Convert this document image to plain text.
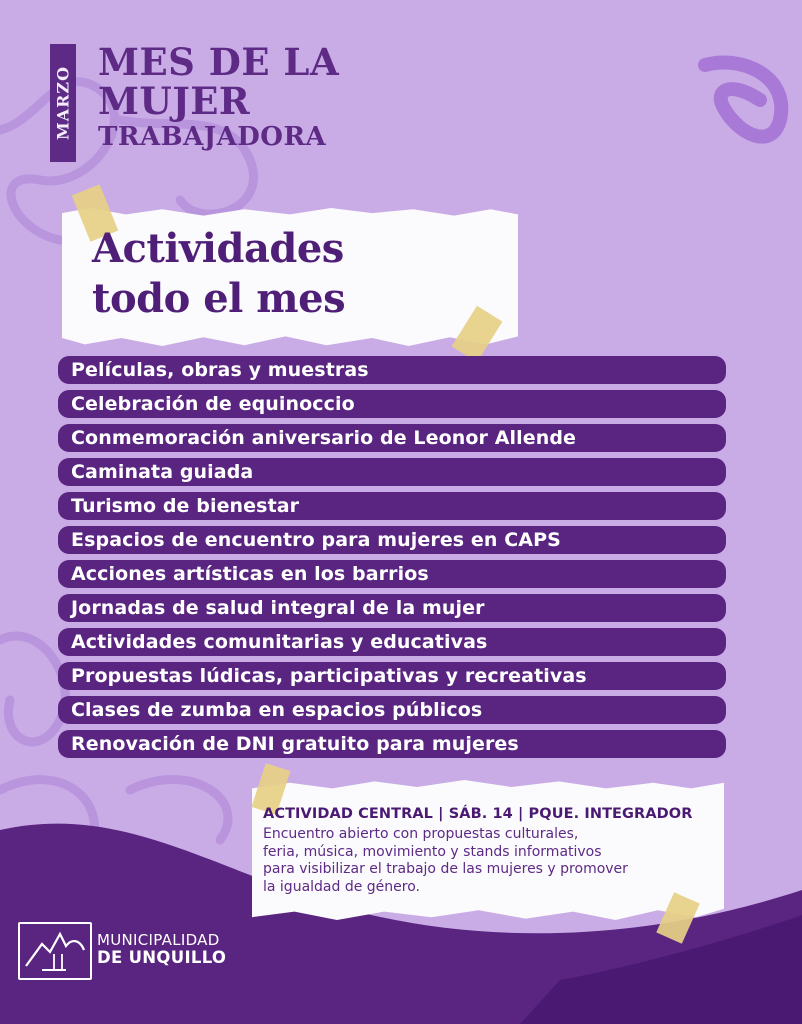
MARZO
MES DE LA
MUJER
TRABAJADORA
Actividades
todo el mes
Películas, obras y muestras
Celebración de equinoccio
Conmemoración aniversario de Leonor Allende
Caminata guiada
Turismo de bienestar
Espacios de encuentro para mujeres en CAPS
Acciones artísticas en los barrios
Jornadas de salud integral de la mujer
Actividades comunitarias y educativas
Propuestas lúdicas, participativas y recreativas
Clases de zumba en espacios públicos
Renovación de DNI gratuito para mujeres
ACTIVIDAD CENTRAL | SÁB. 14 | PQUE. INTEGRADOR
Encuentro abierto con propuestas culturales,
feria, música, movimiento y stands informativos
para visibilizar el trabajo de las mujeres y promover
la igualdad de género.
MUNICIPALIDAD
DE UNQUILLO
